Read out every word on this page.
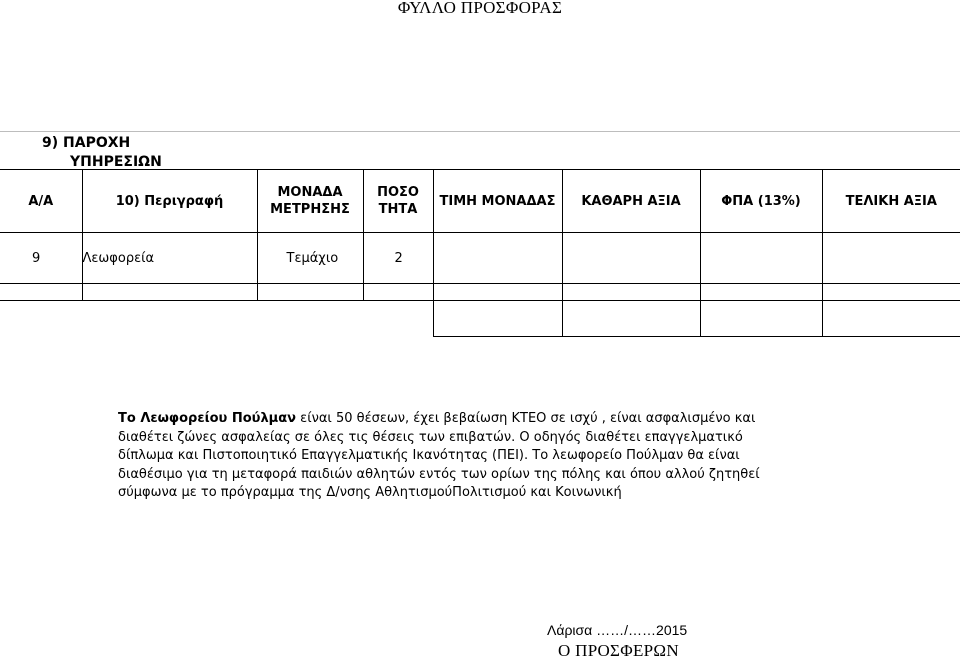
ΦΥΛΛΟ ΠΡΟΣΦΟΡΑΣ
9) ΠΑΡΟΧΗ
ΥΠΗΡΕΣΙΩΝ
Α/Α	10) Περιγραφή	ΜΟΝΑΔΑ ΜΕΤΡΗΣΗΣ	ΠΟΣΟ ΤΗΤΑ	ΤΙΜΗ ΜΟΝΑΔΑΣ	ΚΑΘΑΡΗ ΑΞΙΑ	ΦΠΑ (13%)	ΤΕΛΙΚΗ ΑΞΙΑ
9	Λεωφορεία	Τεμάχιο	2				

Το Λεωφορείου Πούλμαν είναι 50 θέσεων, έχει βεβαίωση ΚΤΕΟ σε ισχύ , είναι ασφαλισμένο και διαθέτει ζώνες ασφαλείας σε όλες τις θέσεις των επιβατών. Ο οδηγός διαθέτει επαγγελματικό δίπλωμα και Πιστοποιητικό Επαγγελματικής Ικανότητας (ΠΕΙ). Το λεωφορείο Πούλμαν θα είναι διαθέσιμο για τη μεταφορά παιδιών αθλητών εντός των ορίων της πόλης και όπου αλλού ζητηθεί σύμφωνα με το πρόγραμμα της Δ/νσης ΑθλητισμούΠολιτισμού και Κοινωνική
Λάρισα ……/……2015
Ο ΠΡΟΣΦΕΡΩΝ
